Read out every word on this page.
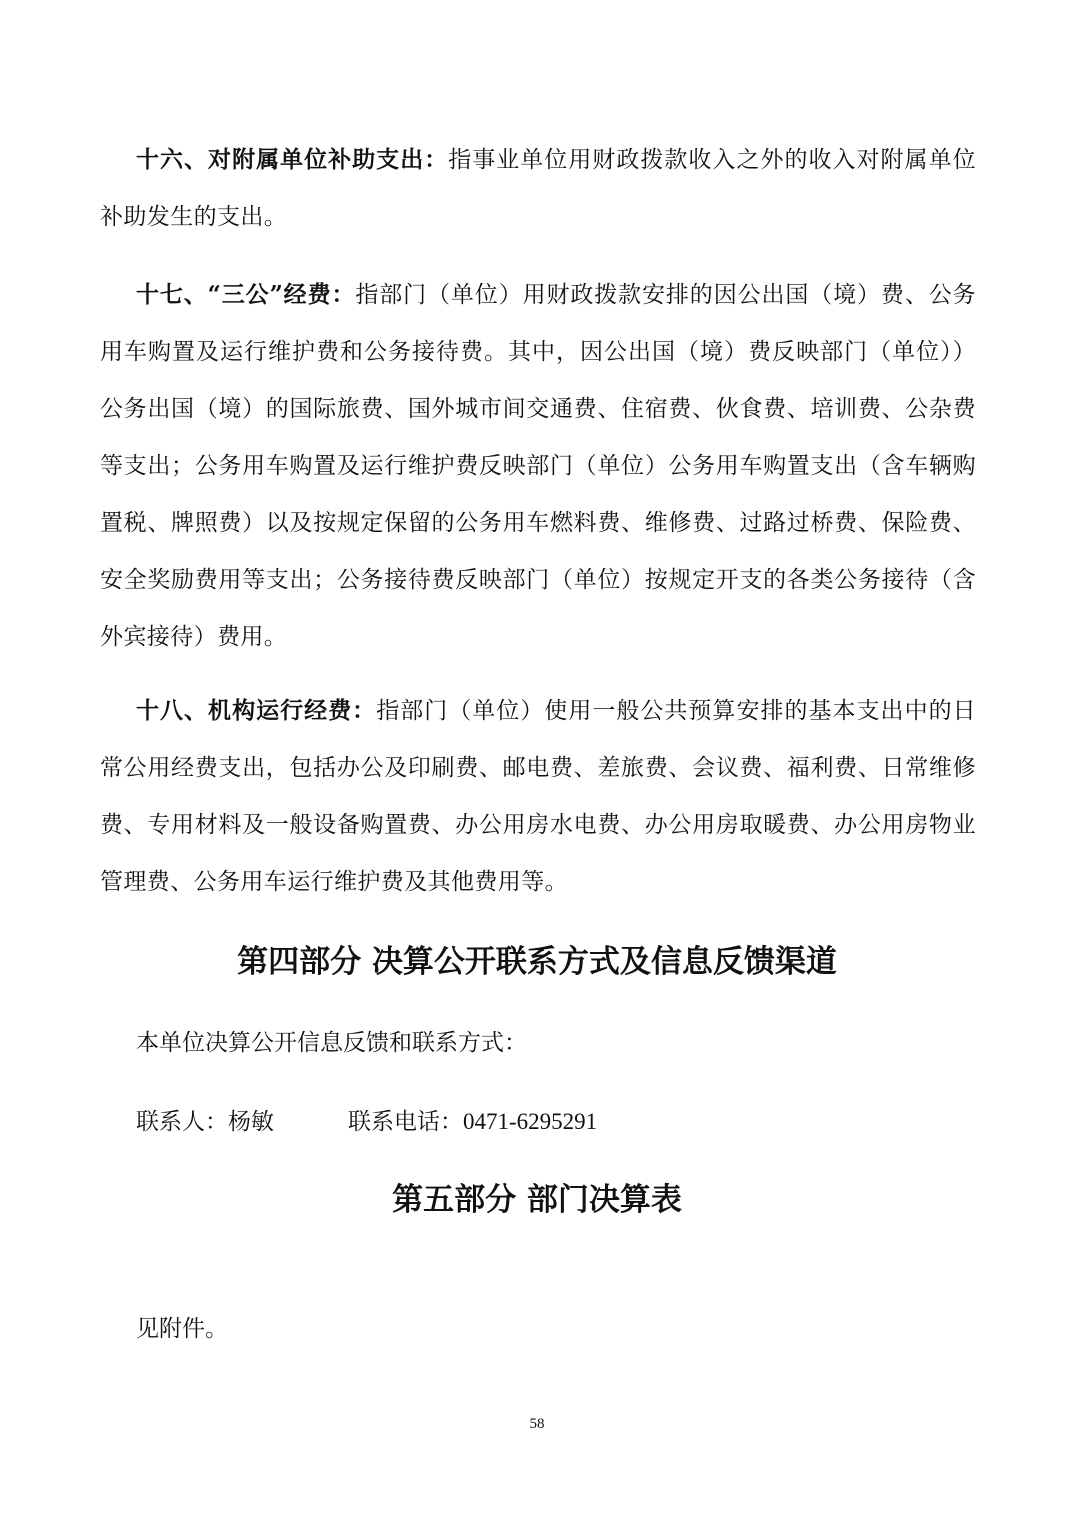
十六、对附属单位补助支出：指事业单位用财政拨款收入之外的收入对附属单位补助发生的支出。

十七、“三公”经费：指部门（单位）用财政拨款安排的因公出国（境）费、公务用车购置及运行维护费和公务接待费。其中，因公出国（境）费反映部门（单位））公务出国（境）的国际旅费、国外城市间交通费、住宿费、伙食费、培训费、公杂费等支出；公务用车购置及运行维护费反映部门（单位）公务用车购置支出（含车辆购置税、牌照费）以及按规定保留的公务用车燃料费、维修费、过路过桥费、保险费、安全奖励费用等支出；公务接待费反映部门（单位）按规定开支的各类公务接待（含外宾接待）费用。

十八、机构运行经费：指部门（单位）使用一般公共预算安排的基本支出中的日常公用经费支出，包括办公及印刷费、邮电费、差旅费、会议费、福利费、日常维修费、专用材料及一般设备购置费、办公用房水电费、办公用房取暖费、办公用房物业管理费、公务用车运行维护费及其他费用等。

第四部分 决算公开联系方式及信息反馈渠道

本单位决算公开信息反馈和联系方式：

联系人：杨敏	联系电话：0471-6295291

第五部分 部门决算表

见附件。

58
